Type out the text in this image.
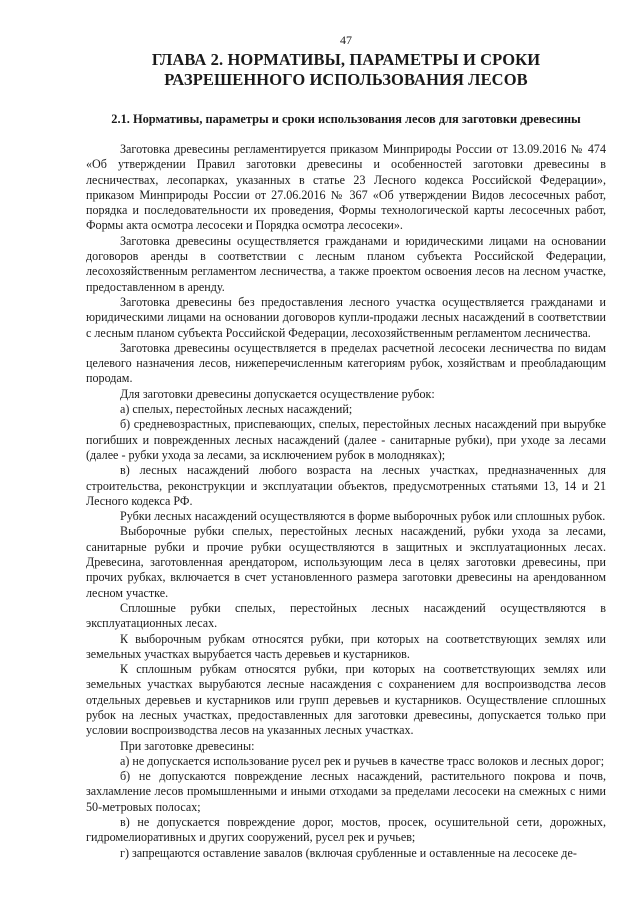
47
ГЛАВА 2. НОРМАТИВЫ, ПАРАМЕТРЫ И СРОКИ РАЗРЕШЕННОГО ИСПОЛЬЗОВАНИЯ ЛЕСОВ
2.1. Нормативы, параметры и сроки использования лесов для заготовки древесины

Заготовка древесины регламентируется приказом Минприроды России от 13.09.2016 № 474 «Об утверждении Правил заготовки древесины и особенностей заготовки древесины в лесничествах, лесопарках, указанных в статье 23 Лесного кодекса Российской Федерации», приказом Минприроды России от 27.06.2016 № 367 «Об утверждении Видов лесосечных работ, порядка и последовательности их проведения, Формы технологической карты лесосечных работ, Формы акта осмотра лесосеки и Порядка осмотра лесосеки».

Заготовка древесины осуществляется гражданами и юридическими лицами на основании договоров аренды в соответствии с лесным планом субъекта Российской Федерации, лесохозяйственным регламентом лесничества, а также проектом освоения лесов на лесном участке, предоставленном в аренду.

Заготовка древесины без предоставления лесного участка осуществляется гражданами и юридическими лицами на основании договоров купли-продажи лесных насаждений в соответствии с лесным планом субъекта Российской Федерации, лесохозяйственным регламентом лесничества.

Заготовка древесины осуществляется в пределах расчетной лесосеки лесничества по видам целевого назначения лесов, нижеперечисленным категориям рубок, хозяйствам и преобладающим породам.

Для заготовки древесины допускается осуществление рубок:

а) спелых, перестойных лесных насаждений;

б) средневозрастных, приспевающих, спелых, перестойных лесных насаждений при вырубке погибших и поврежденных лесных насаждений (далее - санитарные рубки), при уходе за лесами (далее - рубки ухода за лесами, за исключением рубок в молодняках);

в) лесных насаждений любого возраста на лесных участках, предназначенных для строительства, реконструкции и эксплуатации объектов, предусмотренных статьями 13, 14 и 21 Лесного кодекса РФ.

Рубки лесных насаждений осуществляются в форме выборочных рубок или сплошных рубок.

Выборочные рубки спелых, перестойных лесных насаждений, рубки ухода за лесами, санитарные рубки и прочие рубки осуществляются в защитных и эксплуатационных лесах. Древесина, заготовленная арендатором, использующим леса в целях заготовки древесины, при прочих рубках, включается в счет установленного размера заготовки древесины на арендованном лесном участке.

Сплошные рубки спелых, перестойных лесных насаждений осуществляются в эксплуатационных лесах.

К выборочным рубкам относятся рубки, при которых на соответствующих землях или земельных участках вырубается часть деревьев и кустарников.

К сплошным рубкам относятся рубки, при которых на соответствующих землях или земельных участках вырубаются лесные насаждения с сохранением для воспроизводства лесов отдельных деревьев и кустарников или групп деревьев и кустарников. Осуществление сплошных рубок на лесных участках, предоставленных для заготовки древесины, допускается только при условии воспроизводства лесов на указанных лесных участках.

При заготовке древесины:

а) не допускается использование русел рек и ручьев в качестве трасс волоков и лесных дорог;

б) не допускаются повреждение лесных насаждений, растительного покрова и почв, захламление лесов промышленными и иными отходами за пределами лесосеки на смежных с ними 50-метровых полосах;

в) не допускается повреждение дорог, мостов, просек, осушительной сети, дорожных, гидромелиоративных и других сооружений, русел рек и ручьев;

г) запрещаются оставление завалов (включая срубленные и оставленные на лесосеке де-
